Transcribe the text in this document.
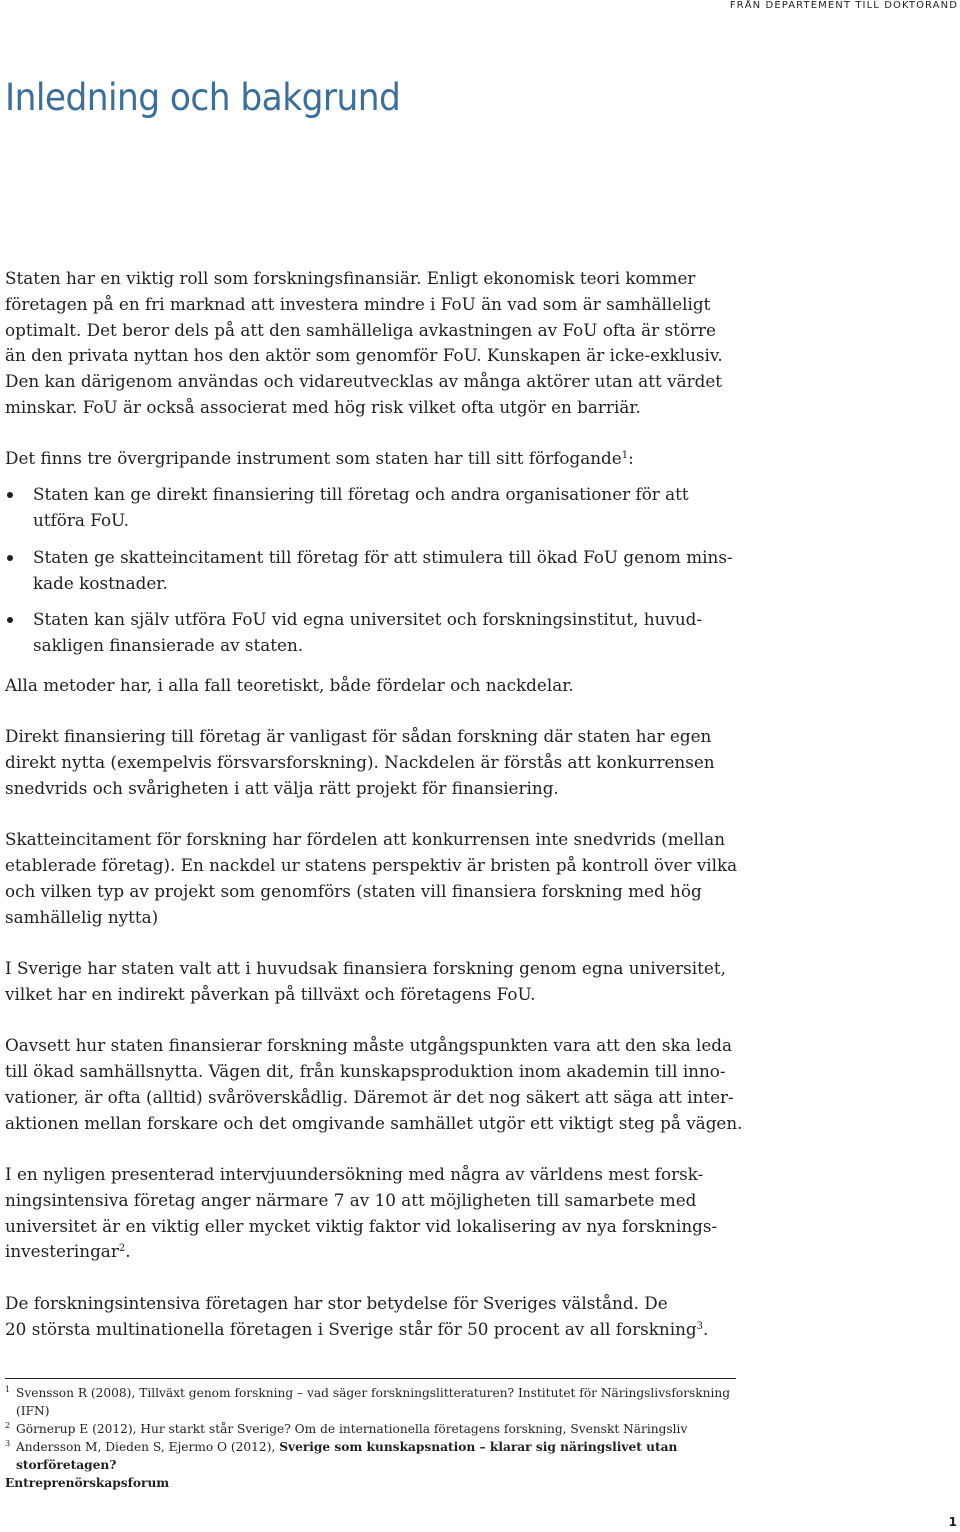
FRÅN DEPARTEMENT TILL DOKTORAND
Inledning och bakgrund

Staten har en viktig roll som forskningsfinansiär. Enligt ekonomisk teori kommer
företagen på en fri marknad att investera mindre i FoU än vad som är samhälleligt
optimalt. Det beror dels på att den samhälleliga avkastningen av FoU ofta är större
än den privata nyttan hos den aktör som genomför FoU. Kunskapen är icke-exklusiv.
Den kan därigenom användas och vidareutvecklas av många aktörer utan att värdet
minskar. FoU är också associerat med hög risk vilket ofta utgör en barriär.

Det finns tre övergripande instrument som staten har till sitt förfogande$^1$:

Staten kan ge direkt finansiering till företag och andra organisationer för att
utföra FoU.
Staten ge skatteincitament till företag för att stimulera till ökad FoU genom mins-
kade kostnader.
Staten kan själv utföra FoU vid egna universitet och forskningsinstitut, huvud-
sakligen finansierade av staten.

Alla metoder har, i alla fall teoretiskt, både fördelar och nackdelar.

Direkt finansiering till företag är vanligast för sådan forskning där staten har egen
direkt nytta (exempelvis försvarsforskning). Nackdelen är förstås att konkurrensen
snedvrids och svårigheten i att välja rätt projekt för finansiering.

Skatteincitament för forskning har fördelen att konkurrensen inte snedvrids (mellan
etablerade företag). En nackdel ur statens perspektiv är bristen på kontroll över vilka
och vilken typ av projekt som genomförs (staten vill finansiera forskning med hög
samhällelig nytta)

I Sverige har staten valt att i huvudsak finansiera forskning genom egna universitet,
vilket har en indirekt påverkan på tillväxt och företagens FoU.

Oavsett hur staten finansierar forskning måste utgångspunkten vara att den ska leda
till ökad samhällsnytta. Vägen dit, från kunskapsproduktion inom akademin till inno-
vationer, är ofta (alltid) svåröverskådlig. Däremot är det nog säkert att säga att inter-
aktionen mellan forskare och det omgivande samhället utgör ett viktigt steg på vägen.

I en nyligen presenterad intervjuundersökning med några av världens mest forsk-
ningsintensiva företag anger närmare 7 av 10 att möjligheten till samarbete med
universitet är en viktig eller mycket viktig faktor vid lokalisering av nya forsknings-
investeringar$^2$.

De forskningsintensiva företagen har stor betydelse för Sveriges välstånd. De
20 största multinationella företagen i Sverige står för 50 procent av all forskning$^3$.

1 Svensson R (2008), Tillväxt genom forskning – vad säger forskningslitteraturen? Institutet för Näringslivsforskning (IFN)
2 Görnerup E (2012), Hur starkt står Sverige? Om de internationella företagens forskning, Svenskt Näringsliv
3 Andersson M, Dieden S, Ejermo O (2012), Sverige som kunskapsnation – klarar sig näringslivet utan storföretagen?
Entreprenörskapsforum
1
